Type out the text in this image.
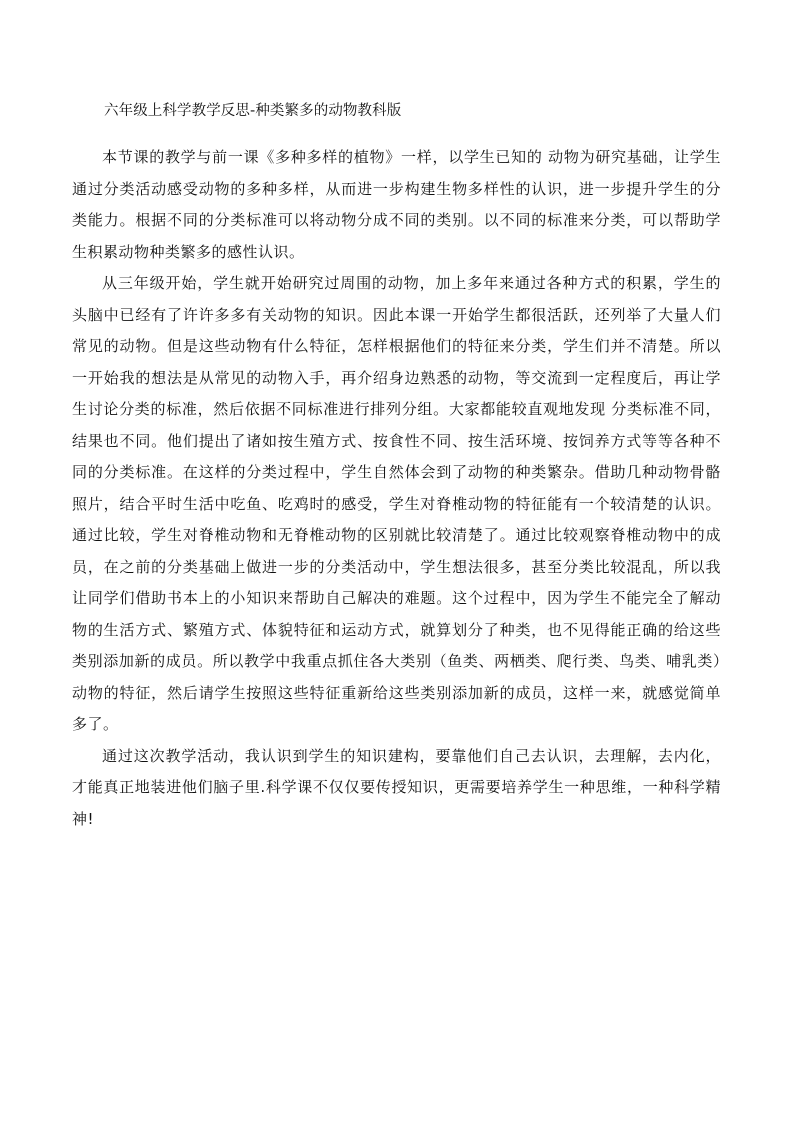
六年级上科学教学反思-种类繁多的动物教科版

本节课的教学与前一课《多种多样的植物》一样，以学生已知的 动物为研究基础，让学生通过分类活动感受动物的多种多样，从而进一步构建生物多样性的认识，进一步提升学生的分类能力。根据不同的分类标准可以将动物分成不同的类别。以不同的标准来分类，可以帮助学生积累动物种类繁多的感性认识。

从三年级开始，学生就开始研究过周围的动物，加上多年来通过各种方式的积累，学生的头脑中已经有了许许多多有关动物的知识。因此本课一开始学生都很活跃，还列举了大量人们常见的动物。但是这些动物有什么特征，怎样根据他们的特征来分类，学生们并不清楚。所以一开始我的想法是从常见的动物入手，再介绍身边熟悉的动物，等交流到一定程度后，再让学生讨论分类的标准，然后依据不同标准进行排列分组。大家都能较直观地发现 分类标准不同，结果也不同。他们提出了诸如按生殖方式、按食性不同、按生活环境、按饲养方式等等各种不同的分类标准。在这样的分类过程中，学生自然体会到了动物的种类繁杂。借助几种动物骨骼照片，结合平时生活中吃鱼、吃鸡时的感受，学生对脊椎动物的特征能有一个较清楚的认识。通过比较，学生对脊椎动物和无脊椎动物的区别就比较清楚了。通过比较观察脊椎动物中的成员，在之前的分类基础上做进一步的分类活动中，学生想法很多，甚至分类比较混乱，所以我让同学们借助书本上的小知识来帮助自己解决的难题。这个过程中，因为学生不能完全了解动物的生活方式、繁殖方式、体貌特征和运动方式，就算划分了种类，也不见得能正确的给这些类别添加新的成员。所以教学中我重点抓住各大类别（鱼类、两栖类、爬行类、鸟类、哺乳类）动物的特征，然后请学生按照这些特征重新给这些类别添加新的成员，这样一来，就感觉简单多了。

通过这次教学活动，我认识到学生的知识建构，要靠他们自己去认识，去理解，去内化，才能真正地装进他们脑子里.科学课不仅仅要传授知识，更需要培养学生一种思维，一种科学精神!
